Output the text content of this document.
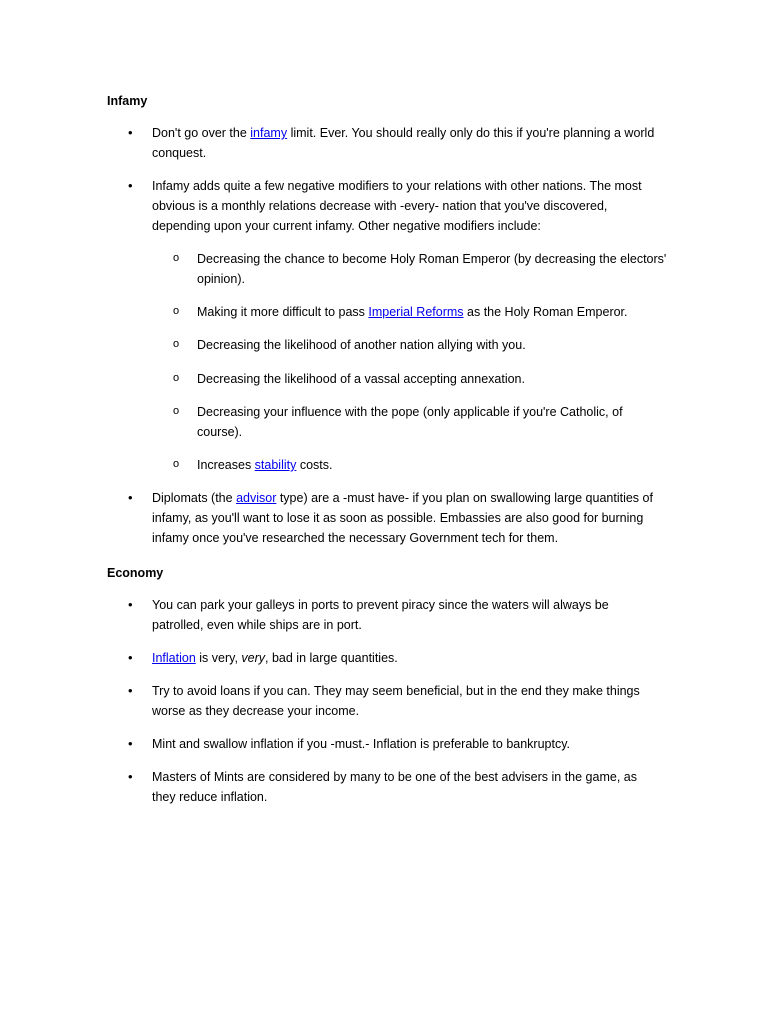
Infamy

• Don't go over the infamy limit. Ever. You should really only do this if you're planning a world conquest.

• Infamy adds quite a few negative modifiers to your relations with other nations. The most obvious is a monthly relations decrease with -every- nation that you've discovered, depending upon your current infamy. Other negative modifiers include:

o Decreasing the chance to become Holy Roman Emperor (by decreasing the electors' opinion).

o Making it more difficult to pass Imperial Reforms as the Holy Roman Emperor.

o Decreasing the likelihood of another nation allying with you.

o Decreasing the likelihood of a vassal accepting annexation.

o Decreasing your influence with the pope (only applicable if you're Catholic, of course).

o Increases stability costs.

• Diplomats (the advisor type) are a -must have- if you plan on swallowing large quantities of infamy, as you'll want to lose it as soon as possible. Embassies are also good for burning infamy once you've researched the necessary Government tech for them.

Economy

• You can park your galleys in ports to prevent piracy since the waters will always be patrolled, even while ships are in port.

• Inflation is very, very, bad in large quantities.

• Try to avoid loans if you can. They may seem beneficial, but in the end they make things worse as they decrease your income.

• Mint and swallow inflation if you -must.- Inflation is preferable to bankruptcy.

• Masters of Mints are considered by many to be one of the best advisers in the game, as they reduce inflation.
